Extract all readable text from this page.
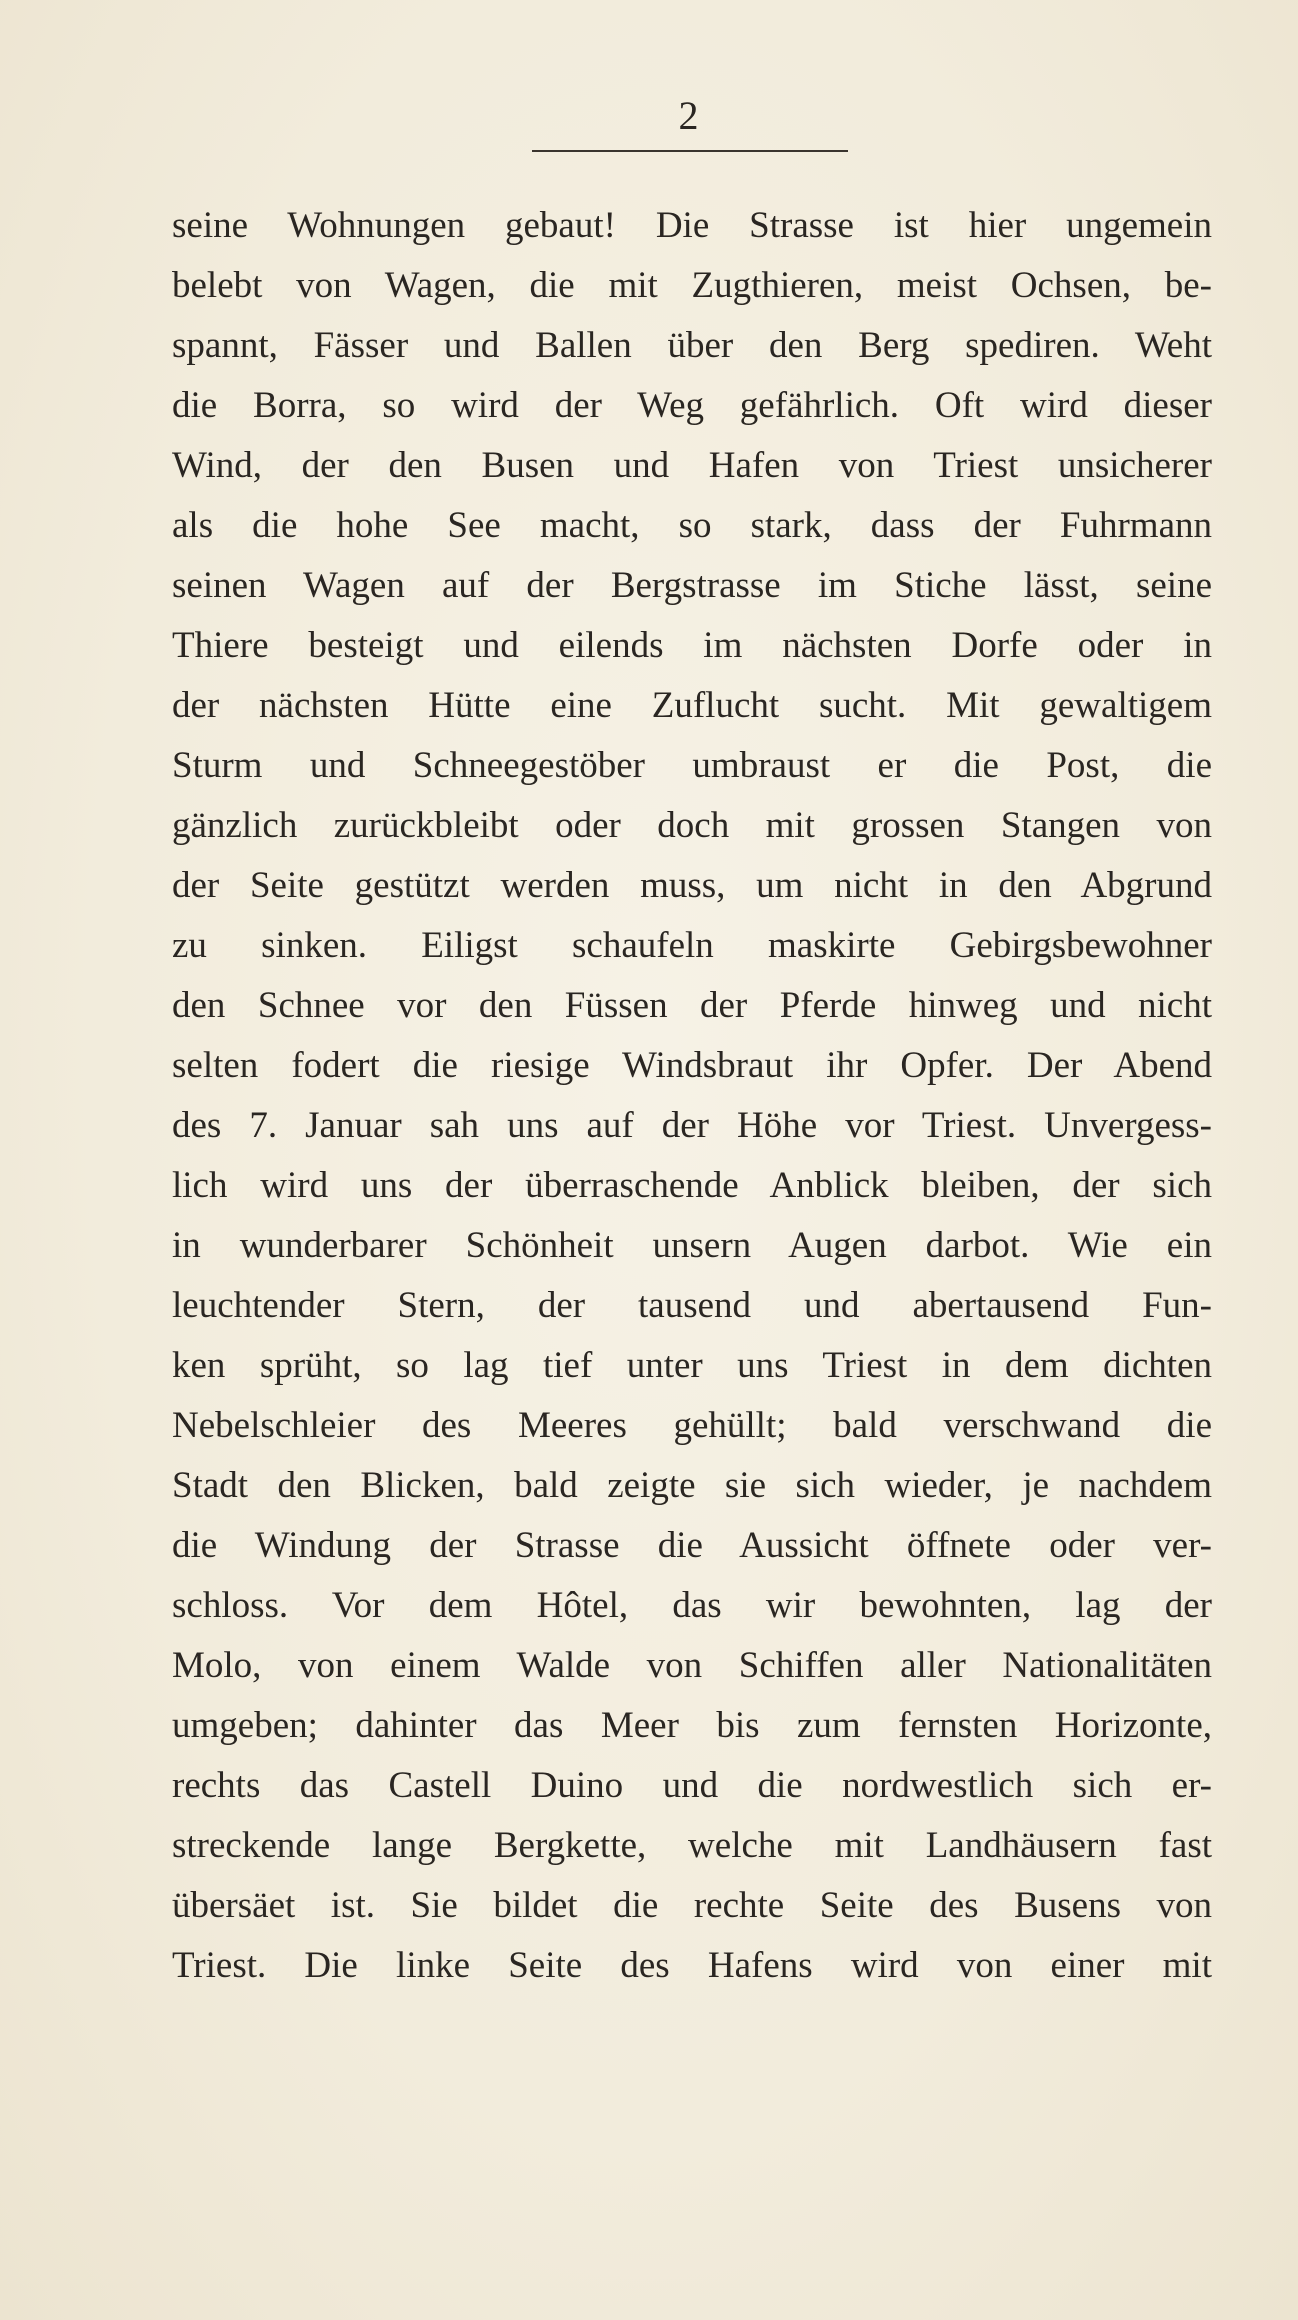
2
seine Wohnungen gebaut! Die Strasse ist hier ungemein
belebt von Wagen, die mit Zugthieren, meist Ochsen, be-
spannt, Fässer und Ballen über den Berg spediren. Weht
die Borra, so wird der Weg gefährlich. Oft wird dieser
Wind, der den Busen und Hafen von Triest unsicherer
als die hohe See macht, so stark, dass der Fuhrmann
seinen Wagen auf der Bergstrasse im Stiche lässt, seine
Thiere besteigt und eilends im nächsten Dorfe oder in
der nächsten Hütte eine Zuflucht sucht. Mit gewaltigem
Sturm und Schneegestöber umbraust er die Post, die
gänzlich zurückbleibt oder doch mit grossen Stangen von
der Seite gestützt werden muss, um nicht in den Abgrund
zu sinken. Eiligst schaufeln maskirte Gebirgsbewohner
den Schnee vor den Füssen der Pferde hinweg und nicht
selten fodert die riesige Windsbraut ihr Opfer. Der Abend
des 7. Januar sah uns auf der Höhe vor Triest. Unvergess-
lich wird uns der überraschende Anblick bleiben, der sich
in wunderbarer Schönheit unsern Augen darbot. Wie ein
leuchtender Stern, der tausend und abertausend Fun-
ken sprüht, so lag tief unter uns Triest in dem dichten
Nebelschleier des Meeres gehüllt; bald verschwand die
Stadt den Blicken, bald zeigte sie sich wieder, je nachdem
die Windung der Strasse die Aussicht öffnete oder ver-
schloss. Vor dem Hôtel, das wir bewohnten, lag der
Molo, von einem Walde von Schiffen aller Nationalitäten
umgeben; dahinter das Meer bis zum fernsten Horizonte,
rechts das Castell Duino und die nordwestlich sich er-
streckende lange Bergkette, welche mit Landhäusern fast
übersäet ist. Sie bildet die rechte Seite des Busens von
Triest. Die linke Seite des Hafens wird von einer mit
